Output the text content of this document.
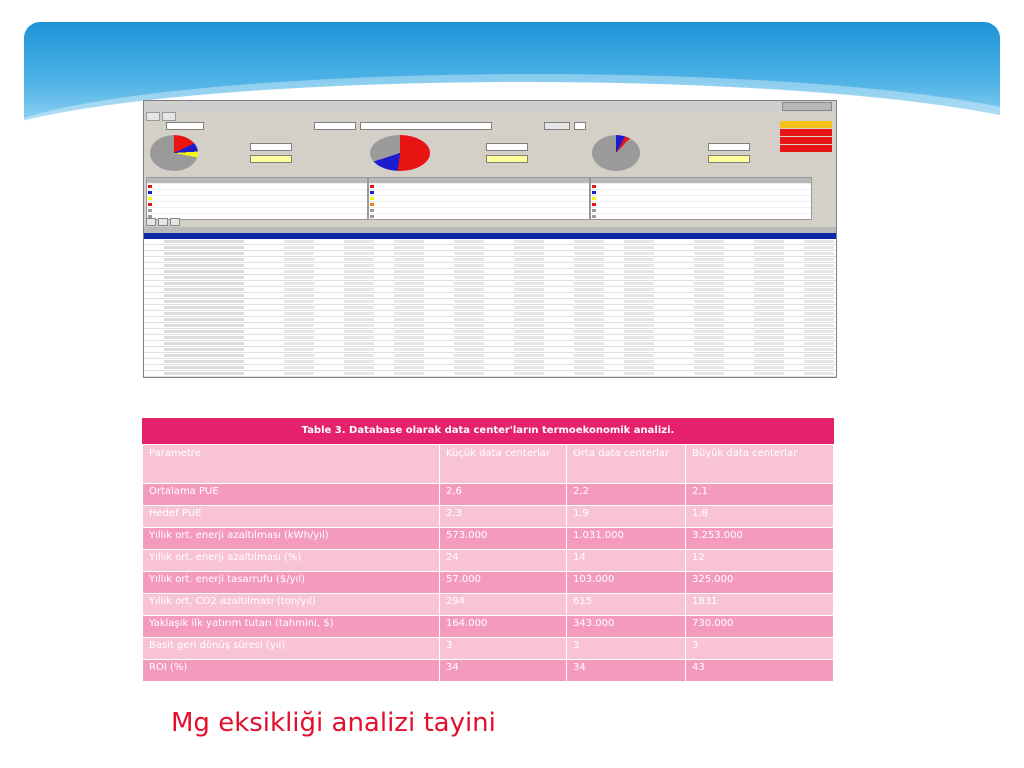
Table 3. Database olarak data center'ların termoekonomik analizi.
Parametre	Küçük data centerlar	Orta data centerlar	Büyük data centerlar
Ortalama PUE	2,6	2,2	2,1
Hedef PUE	2,3	1,9	1,8
Yıllık ort. enerji azaltılması (kWh/yıl)	573.000	1.031.000	3.253.000
Yıllık ort. enerji azaltılması (%)	24	14	12
Yıllık ort. enerji tasarrufu ($/yıl)	57.000	103.000	325.000
Yıllık ort. CO2 azaltılması (ton/yıl)	294	615	1831
Yaklaşık ilk yatırım tutarı (tahmini, $)	164.000	343.000	730.000
Basit geri dönüş süresi (yıl)	3	3	3
ROI (%)	34	34	43
Mg eksikliği analizi tayini
